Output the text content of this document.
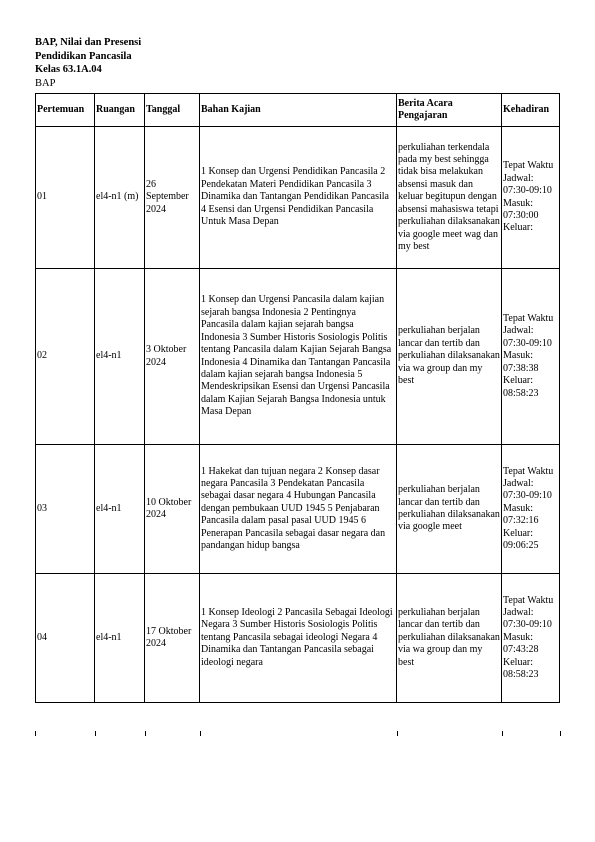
BAP, Nilai dan Presensi
Pendidikan Pancasila
Kelas 63.1A.04
BAP
Pertemuan	Ruangan	Tanggal	Bahan Kajian	Berita Acara Pengajaran	Kehadiran
01	el4-n1 (m)	26 September 2024	1 Konsep dan Urgensi Pendidikan Pancasila 2 Pendekatan Materi Pendidikan Pancasila 3 Dinamika dan Tantangan Pendidikan Pancasila 4 Esensi dan Urgensi Pendidikan Pancasila Untuk Masa Depan	perkuliahan terkendala pada my best sehingga tidak bisa melakukan absensi masuk dan keluar begitupun dengan absensi mahasiswa tetapi perkuliahan dilaksanakan via google meet wag dan my best	Tepat Waktu Jadwal: 07:30-09:10 Masuk: 07:30:00 Keluar:
02	el4-n1	3 Oktober 2024	1 Konsep dan Urgensi Pancasila dalam kajian sejarah bangsa Indonesia 2 Pentingnya Pancasila dalam kajian sejarah bangsa Indonesia 3 Sumber Historis Sosiologis Politis tentang Pancasila dalam Kajian Sejarah Bangsa Indonesia 4 Dinamika dan Tantangan Pancasila dalam kajian sejarah bangsa Indonesia 5 Mendeskripsikan Esensi dan Urgensi Pancasila dalam Kajian Sejarah Bangsa Indonesia untuk Masa Depan	perkuliahan berjalan lancar dan tertib dan perkuliahan dilaksanakan via wa group dan my best	Tepat Waktu Jadwal: 07:30-09:10 Masuk: 07:38:38 Keluar: 08:58:23
03	el4-n1	10 Oktober 2024	1 Hakekat dan tujuan negara 2 Konsep dasar negara Pancasila 3 Pendekatan Pancasila sebagai dasar negara 4 Hubungan Pancasila dengan pembukaan UUD 1945 5 Penjabaran Pancasila dalam pasal pasal UUD 1945 6 Penerapan Pancasila sebagai dasar negara dan pandangan hidup bangsa	perkuliahan berjalan lancar dan tertib dan perkuliahan dilaksanakan via google meet	Tepat Waktu Jadwal: 07:30-09:10 Masuk: 07:32:16 Keluar: 09:06:25
04	el4-n1	17 Oktober 2024	1 Konsep Ideologi 2 Pancasila Sebagai Ideologi Negara 3 Sumber Historis Sosiologis Politis tentang Pancasila sebagai ideologi Negara 4 Dinamika dan Tantangan Pancasila sebagai ideologi negara	perkuliahan berjalan lancar dan tertib dan perkuliahan dilaksanakan via wa group dan my best	Tepat Waktu Jadwal: 07:30-09:10 Masuk: 07:43:28 Keluar: 08:58:23
